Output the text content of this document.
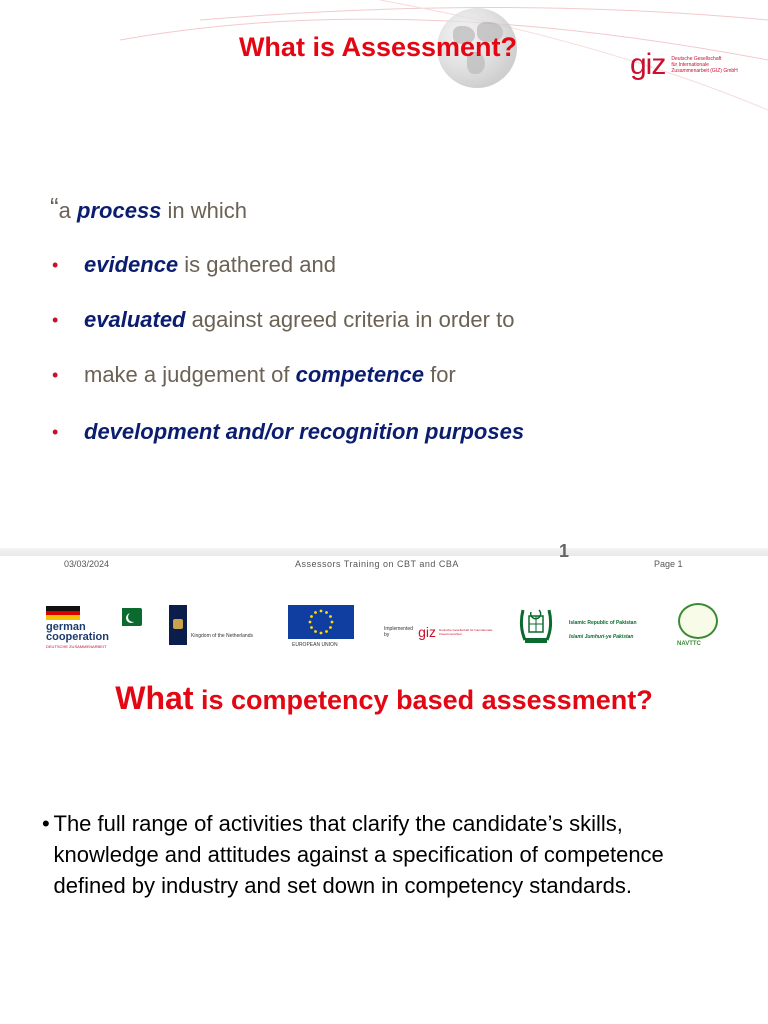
What is Assessment?
giz Deutsche Gesellschaft
für Internationale
Zusammenarbeit (GIZ) GmbH
“a process in which
•	evidence is gathered and
•	evaluated against agreed criteria in order to
•	make a judgement of competence for
•	development and/or recognition purposes
1
03/03/2024	Assessors Training on CBT and CBA	Page 1
german
cooperation
DEUTSCHE ZUSAMMENARBEIT
Kingdom of the Netherlands
EUROPEAN UNION
Implemented by	giz Deutsche Gesellschaft für Internationale Zusammenarbeit
Islamic Republic of Pakistan
Islami Jumhuri-ye Pakistan
NAVTTC
What is competency based assessment?
• The full range of activities that clarify the candidate’s skills, knowledge and attitudes against a specification of competence defined by industry and set down in competency standards.
